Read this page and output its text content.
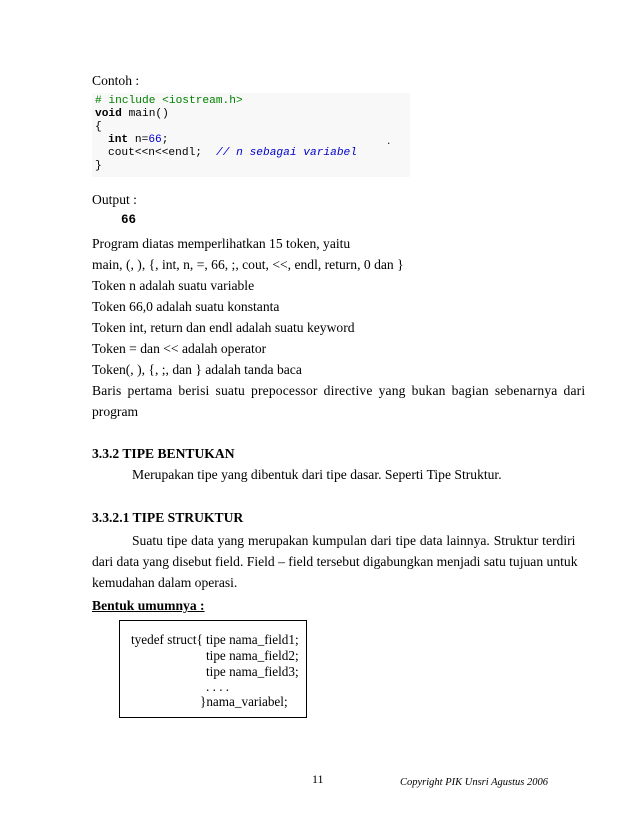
Contoh :
# include <iostream.h>
void main()
{
int n=66;
cout<<n<<endl; // n sebagai variabel
}
.
Output :
66
Program diatas memperlihatkan 15 token, yaitu
main, (, ), {, int, n, =, 66, ;, cout, <<, endl, return, 0 dan }
Token n adalah suatu variable
Token 66,0 adalah suatu konstanta
Token int, return dan endl adalah suatu keyword
Token = dan << adalah operator
Token(, ), {, ;, dan } adalah tanda baca
Baris pertama berisi suatu prepocessor directive yang bukan bagian sebenarnya dari
program
3.3.2 TIPE BENTUKAN
Merupakan tipe yang dibentuk dari tipe dasar. Seperti Tipe Struktur.
3.3.2.1 TIPE STRUKTUR
Suatu tipe data yang merupakan kumpulan dari tipe data lainnya. Struktur terdiri
dari data yang disebut field. Field – field tersebut digabungkan menjadi satu tujuan untuk
kemudahan dalam operasi.
Bentuk umumnya :
tyedef struct{ tipe nama_field1;
tipe nama_field2;
tipe nama_field3;
. . . .
}nama_variabel;
11	Copyright PIK Unsri Agustus 2006
